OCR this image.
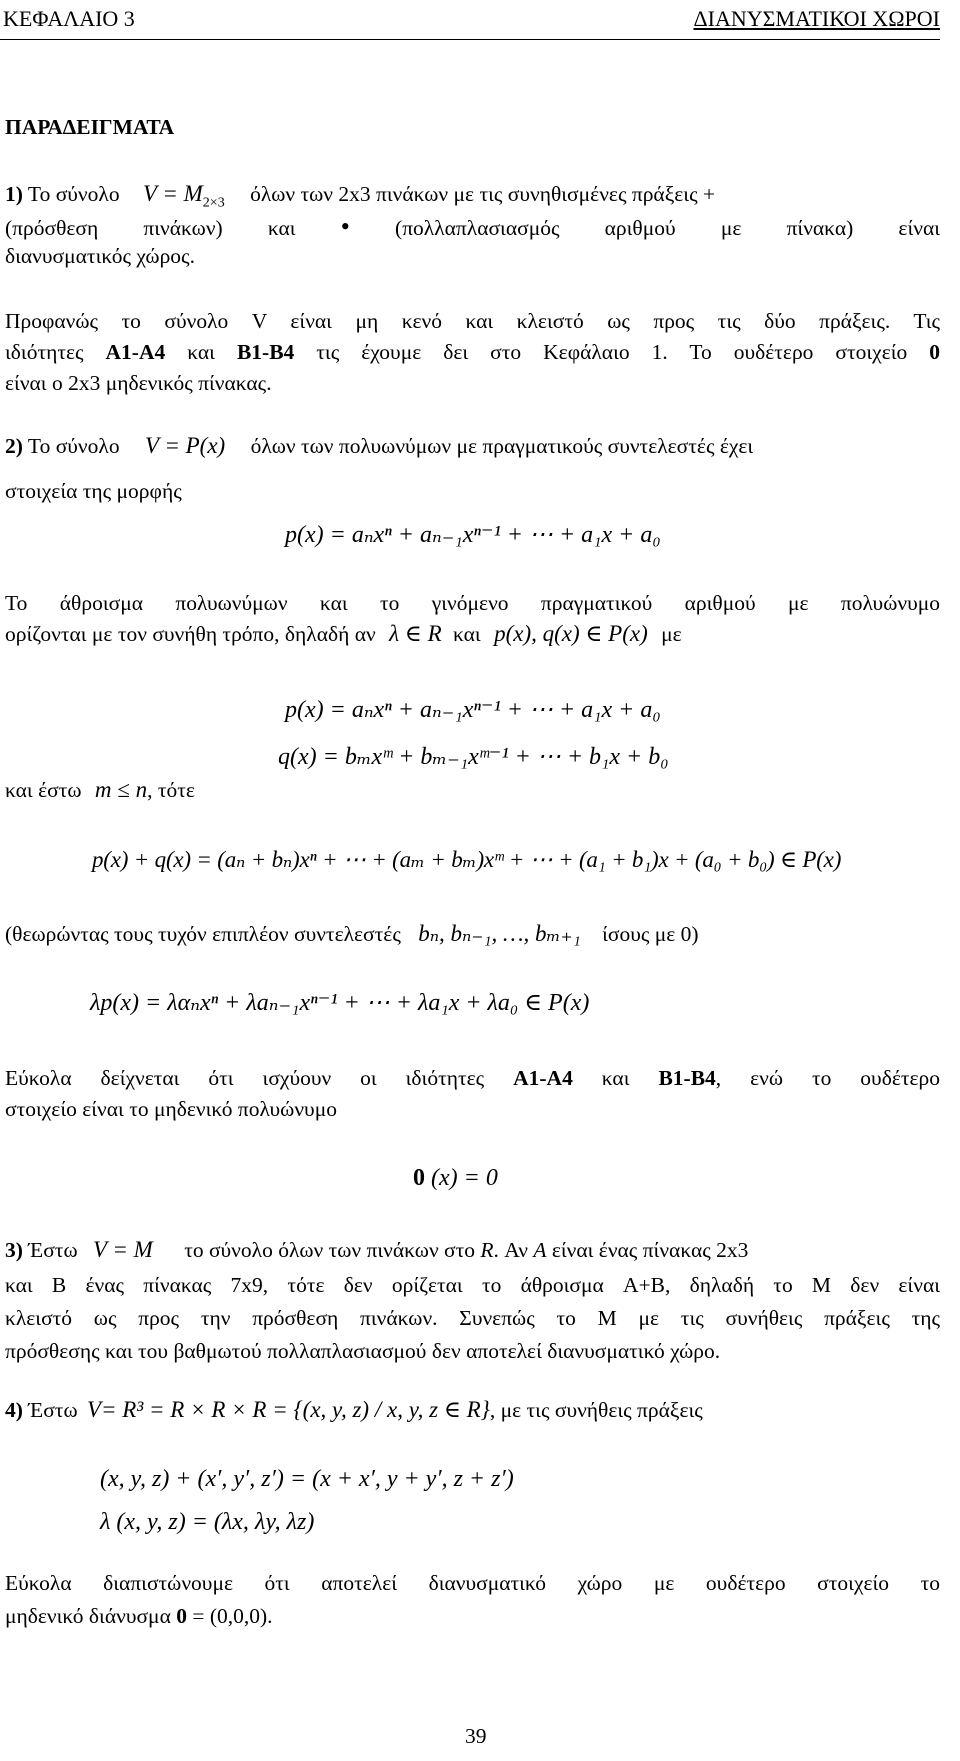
ΚΕΦΑΛΑΙΟ 3	ΔΙΑΝΥΣΜΑΤΙΚΟΙ ΧΩΡΟΙ
ΠΑΡΑΔΕΙΓΜΑΤΑ
1) Το σύνολο $V = M_{2\times 3}$ όλων των 2x3 πινάκων με τις συνηθισμένες πράξεις +
(πρόσθεση πινάκων) και • (πολλαπλασιασμός αριθμού με πίνακα) είναι
διανυσματικός χώρος.
Προφανώς το σύνολο V είναι μη κενό και κλειστό ως προς τις δύο πράξεις. Τις
ιδιότητες A1-A4 και B1-B4 τις έχουμε δει στο Κεφάλαιο 1. Το ουδέτερο στοιχείο 0
είναι ο 2x3 μηδενικός πίνακας.
2) Το σύνολο V = P(x) όλων των πολυωνύμων με πραγματικούς συντελεστές έχει
στοιχεία της μορφής
p(x) = aₙxⁿ + aₙ₋₁xⁿ⁻¹ + ⋯ + a₁x + a₀
Το άθροισμα πολυωνύμων και το γινόμενο πραγματικού αριθμού με πολυώνυμο
ορίζονται με τον συνήθη τρόπο, δηλαδή αν λ ∈ R και p(x), q(x) ∈ P(x) με
p(x) = aₙxⁿ + aₙ₋₁xⁿ⁻¹ + ⋯ + a₁x + a₀
q(x) = bₘxᵐ + bₘ₋₁xᵐ⁻¹ + ⋯ + b₁x + b₀
και έστω m ≤ n, τότε
p(x) + q(x) = (aₙ + bₙ)xⁿ + ⋯ + (aₘ + bₘ)xᵐ + ⋯ + (a₁ + b₁)x + (a₀ + b₀) ∈ P(x)
(θεωρώντας τους τυχόν επιπλέον συντελεστές bₙ, bₙ₋₁, …, bₘ₊₁ ίσους με 0)
λp(x) = λαₙxⁿ + λaₙ₋₁xⁿ⁻¹ + ⋯ + λa₁x + λa₀ ∈ P(x)
Εύκολα δείχνεται ότι ισχύουν οι ιδιότητες A1-A4 και B1-B4, ενώ το ουδέτερο
στοιχείο είναι το μηδενικό πολυώνυμο
0 (x) = 0
3) Έστω V = M το σύνολο όλων των πινάκων στο R. Αν A είναι ένας πίνακας 2x3
και B ένας πίνακας 7x9, τότε δεν ορίζεται το άθροισμα A+B, δηλαδή το M δεν είναι
κλειστό ως προς την πρόσθεση πινάκων. Συνεπώς το M με τις συνήθεις πράξεις της
πρόσθεσης και του βαθμωτού πολλαπλασιασμού δεν αποτελεί διανυσματικό χώρο.
4) Έστω V= R³ = R × R × R = {(x, y, z) / x, y, z ∈ R}, με τις συνήθεις πράξεις
(x, y, z) + (x′, y′, z′) = (x + x′, y + y′, z + z′)
λ (x, y, z) = (λx, λy, λz)
Εύκολα διαπιστώνουμε ότι αποτελεί διανυσματικό χώρο με ουδέτερο στοιχείο το
μηδενικό διάνυσμα 0 = (0,0,0).
39
